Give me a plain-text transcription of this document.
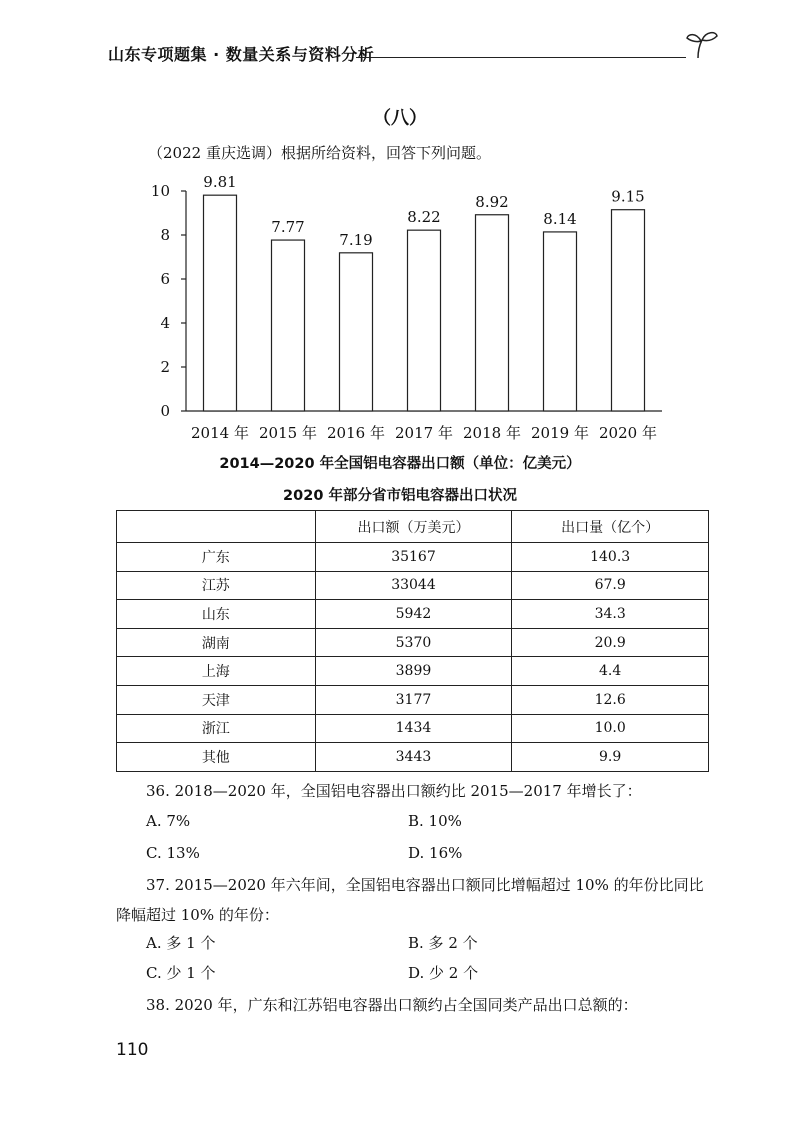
山东专项题集 · 数量关系与资料分析
（八）
（2022 重庆选调）根据所给资料，回答下列问题。
0
2
4
6
8
10 9.81
2014 年
7.77
2015 年
7.19
2016 年
8.22
2017 年
8.92
2018 年
8.14
2019 年
9.15
2020 年
2014—2020 年全国铝电容器出口额（单位：亿美元）
2020 年部分省市铝电容器出口状况
	出口额（万美元）	出口量（亿个）
广东	35167	140.3
江苏	33044	67.9
山东	5942	34.3
湖南	5370	20.9
上海	3899	4.4
天津	3177	12.6
浙江	1434	10.0
其他	3443	9.9
36. 2018—2020 年，全国铝电容器出口额约比 2015—2017 年增长了：
A. 7%	B. 10%
C. 13%	D. 16%
37. 2015—2020 年六年间，全国铝电容器出口额同比增幅超过 10% 的年份比同比降幅超过 10% 的年份：
A. 多 1 个	B. 多 2 个
C. 少 1 个	D. 少 2 个
38. 2020 年，广东和江苏铝电容器出口额约占全国同类产品出口总额的：
110
